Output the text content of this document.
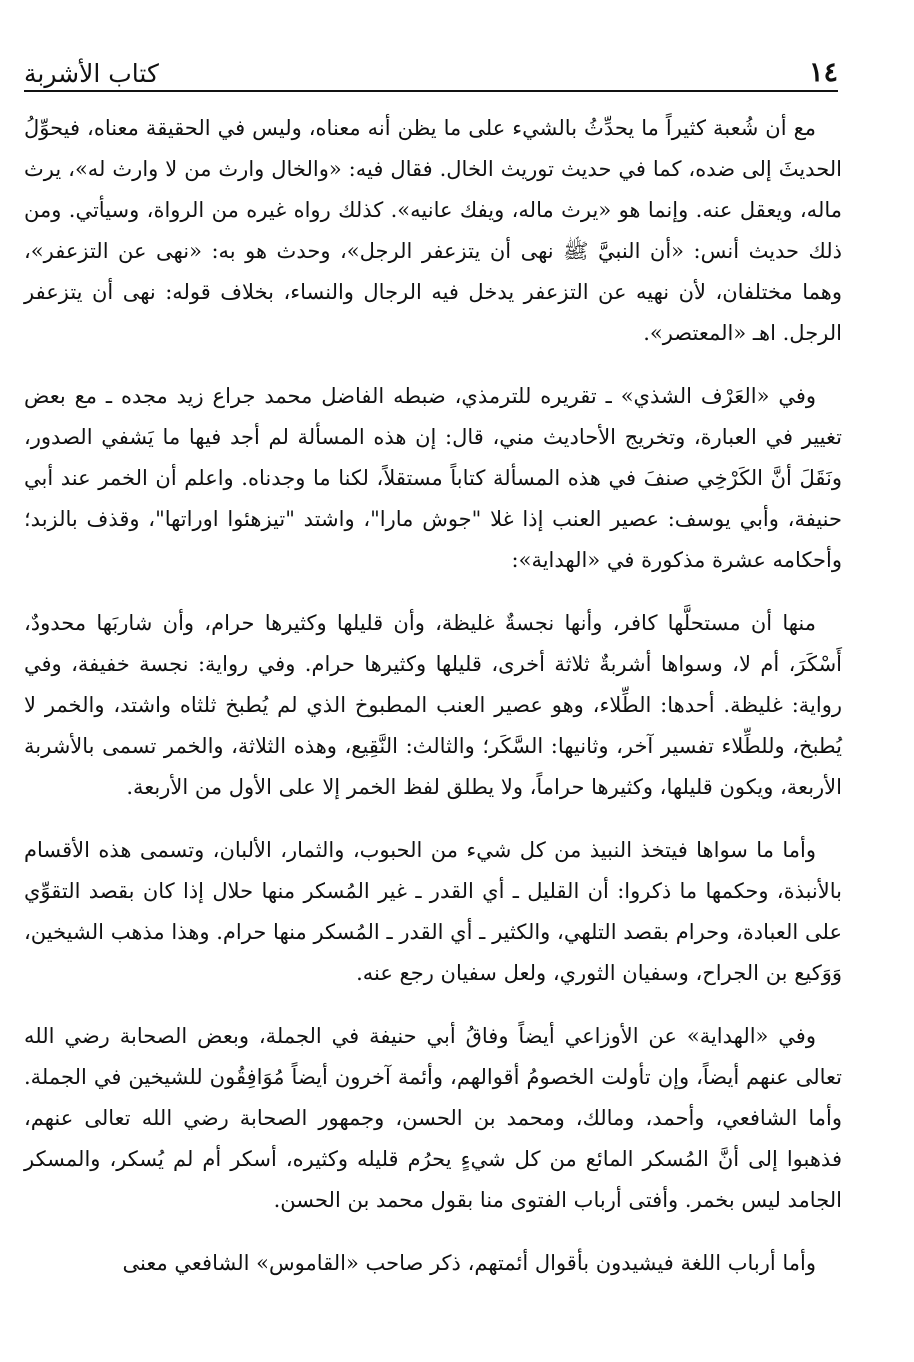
١٤
كتاب الأشربة

مع أن شُعبة كثيراً ما يحدِّثُ بالشيء على ما يظن أنه معناه، وليس في الحقيقة معناه، فيحوِّلُ الحديثَ إلى ضده، كما في حديث توريث الخال. فقال فيه: «والخال وارث من لا وارث له»، يرث ماله، ويعقل عنه. وإنما هو «يرث ماله، ويفك عانيه». كذلك رواه غيره من الرواة، وسيأتي. ومن ذلك حديث أنس: «أن النبيَّ ﷺ نهى أن يتزعفر الرجل»، وحدث هو به: «نهى عن التزعفر»، وهما مختلفان، لأن نهيه عن التزعفر يدخل فيه الرجال والنساء، بخلاف قوله: نهى أن يتزعفر الرجل. اهـ «المعتصر».

وفي «العَرْف الشذي» ـ تقريره للترمذي، ضبطه الفاضل محمد جراع زيد مجده ـ مع بعض تغيير في العبارة، وتخريج الأحاديث مني، قال: إن هذه المسألة لم أجد فيها ما يَشفي الصدور، ونَقَلَ أنَّ الكَرْخِي صنفَ في هذه المسألة كتاباً مستقلاً، لكنا ما وجدناه. واعلم أن الخمر عند أبي حنيفة، وأبي يوسف: عصير العنب إذا غلا "جوش مارا"، واشتد "تيزهئوا اوراتها"، وقذف بالزبد؛ وأحكامه عشرة مذكورة في «الهداية»:

منها أن مستحلَّها كافر، وأنها نجسةٌ غليظة، وأن قليلها وكثيرها حرام، وأن شاربَها محدودٌ، أَسْكَرَ، أم لا، وسواها أشربةٌ ثلاثة أخرى، قليلها وكثيرها حرام. وفي رواية: نجسة خفيفة، وفي رواية: غليظة. أحدها: الطِّلاء، وهو عصير العنب المطبوخ الذي لم يُطبخ ثلثاه واشتد، والخمر لا يُطبخ، وللطِّلاء تفسير آخر، وثانيها: السَّكَر؛ والثالث: النَّقِيع، وهذه الثلاثة، والخمر تسمى بالأشربة الأربعة، ويكون قليلها، وكثيرها حراماً، ولا يطلق لفظ الخمر إلا على الأول من الأربعة.

وأما ما سواها فيتخذ النبيذ من كل شيء من الحبوب، والثمار، الألبان، وتسمى هذه الأقسام بالأنبذة، وحكمها ما ذكروا: أن القليل ـ أي القدر ـ غير المُسكر منها حلال إذا كان بقصد التقوِّي على العبادة، وحرام بقصد التلهي، والكثير ـ أي القدر ـ المُسكر منها حرام. وهذا مذهب الشيخين، وَوَكيع بن الجراح، وسفيان الثوري، ولعل سفيان رجع عنه.

وفي «الهداية» عن الأوزاعي أيضاً وفاقُ أبي حنيفة في الجملة، وبعض الصحابة رضي الله تعالى عنهم أيضاً، وإن تأولت الخصومُ أقوالهم، وأئمة آخرون أيضاً مُوَافِقُون للشيخين في الجملة. وأما الشافعي، وأحمد، ومالك، ومحمد بن الحسن، وجمهور الصحابة رضي الله تعالى عنهم، فذهبوا إلى أنَّ المُسكر المائع من كل شيءٍ يحرُم قليله وكثيره، أسكر أم لم يُسكر، والمسكر الجامد ليس بخمر. وأفتى أرباب الفتوى منا بقول محمد بن الحسن.

وأما أرباب اللغة فيشيدون بأقوال أئمتهم، ذكر صاحب «القاموس» الشافعي معنى
